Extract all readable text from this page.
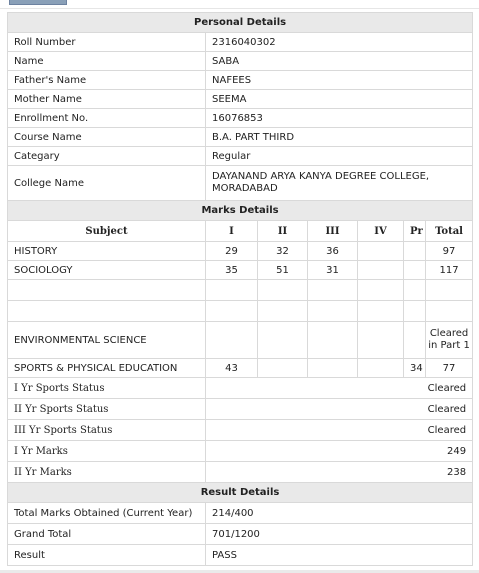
Personal Details						
Roll Number	2316040302					
Name	SABA					
Father's Name	NAFEES					
Mother Name	SEEMA					
Enrollment No.	16076853					
Course Name	B.A. PART THIRD					
Categary	Regular					
College Name	DAYANAND ARYA KANYA DEGREE COLLEGE, MORADABAD					
Marks Details						
Subject	I	II	III	IV	Pr	Total
HISTORY	29	32	36			97
SOCIOLOGY	35	51	31			117

ENVIRONMENTAL SCIENCE						Cleared in Part 1
SPORTS & PHYSICAL EDUCATION	43				34	77
I Yr Sports Status	Cleared					
II Yr Sports Status	Cleared					
III Yr Sports Status	Cleared					
I Yr Marks	249					
II Yr Marks	238					
Result Details						
Total Marks Obtained (Current Year)	214/400					
Grand Total	701/1200					
Result	PASS					
